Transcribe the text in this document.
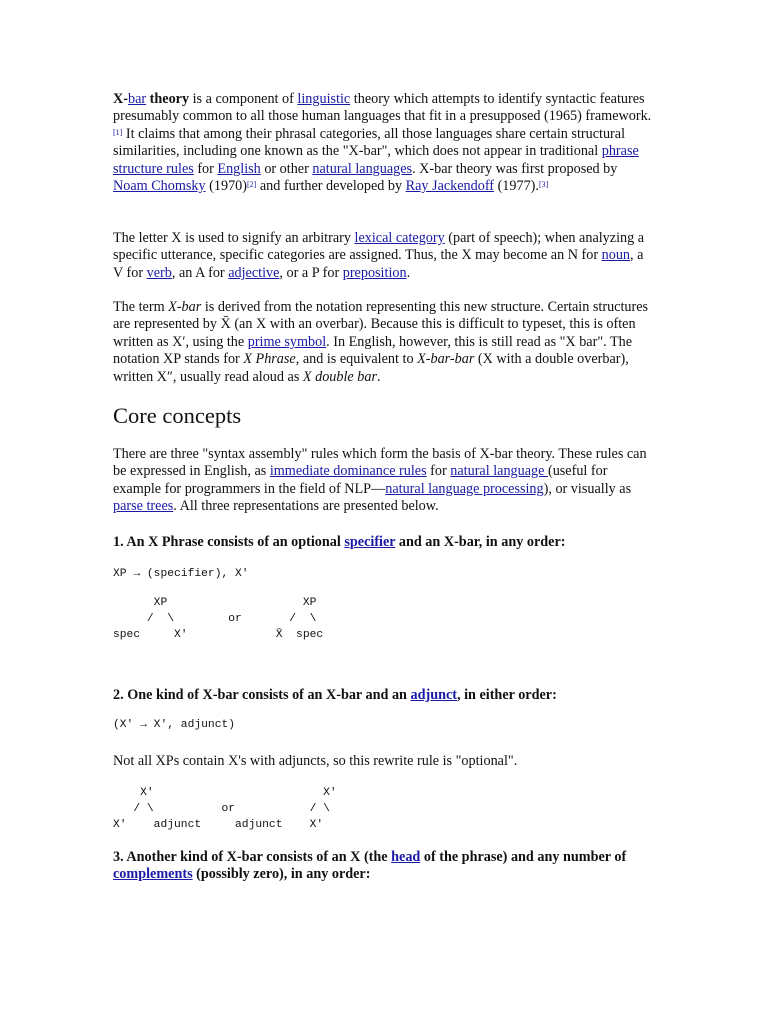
X-bar theory is a component of linguistic theory which attempts to identify syntactic features presumably common to all those human languages that fit in a presupposed (1965) framework.[1] It claims that among their phrasal categories, all those languages share certain structural similarities, including one known as the "X-bar", which does not appear in traditional phrase structure rules for English or other natural languages. X-bar theory was first proposed by Noam Chomsky (1970)[2] and further developed by Ray Jackendoff (1977).[3]
The letter X is used to signify an arbitrary lexical category (part of speech); when analyzing a specific utterance, specific categories are assigned. Thus, the X may become an N for noun, a V for verb, an A for adjective, or a P for preposition.
The term X-bar is derived from the notation representing this new structure. Certain structures are represented by X̄ (an X with an overbar). Because this is difficult to typeset, this is often written as X′, using the prime symbol. In English, however, this is still read as "X bar". The notation XP stands for X Phrase, and is equivalent to X-bar-bar (X with a double overbar), written X″, usually read aloud as X double bar.
Core concepts
There are three "syntax assembly" rules which form the basis of X-bar theory. These rules can be expressed in English, as immediate dominance rules for natural language (useful for example for programmers in the field of NLP—natural language processing), or visually as parse trees. All three representations are presented below.
1. An X Phrase consists of an optional specifier and an X-bar, in any order:
XP → (specifier), X'
XP                    XP
/  \        or       /  \
spec     X'             X̄  spec
2. One kind of X-bar consists of an X-bar and an adjunct, in either order:
(X' → X', adjunct)
Not all XPs contain X's with adjuncts, so this rewrite rule is "optional".
X'                         X'
/ \          or           / \
X'    adjunct     adjunct    X'
3. Another kind of X-bar consists of an X (the head of the phrase) and any number of complements (possibly zero), in any order:
